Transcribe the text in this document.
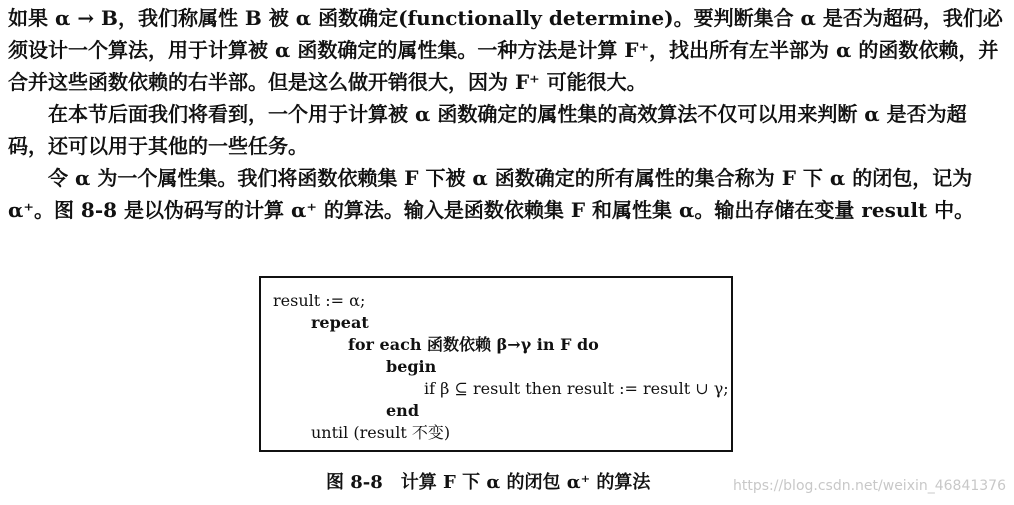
如果 α → B，我们称属性 B 被 α 函数确定(functionally determine)。要判断集合 α 是否为超码，我们必须设计一个算法，用于计算被 α 函数确定的属性集。一种方法是计算 F⁺，找出所有左半部为 α 的函数依赖，并合并这些函数依赖的右半部。但是这么做开销很大，因为 F⁺ 可能很大。

在本节后面我们将看到，一个用于计算被 α 函数确定的属性集的高效算法不仅可以用来判断 α 是否为超码，还可以用于其他的一些任务。

令 α 为一个属性集。我们将函数依赖集 F 下被 α 函数确定的所有属性的集合称为 F 下 α 的闭包，记为 α⁺。图 8-8 是以伪码写的计算 α⁺ 的算法。输入是函数依赖集 F 和属性集 α。输出存储在变量 result 中。

result := α;
repeat
for each 函数依赖 β→γ in F do
begin
if β ⊆ result then result := result ∪ γ;
end
until (result 不变)
图 8-8　计算 F 下 α 的闭包 α⁺ 的算法	https://blog.csdn.net/weixin_46841376
